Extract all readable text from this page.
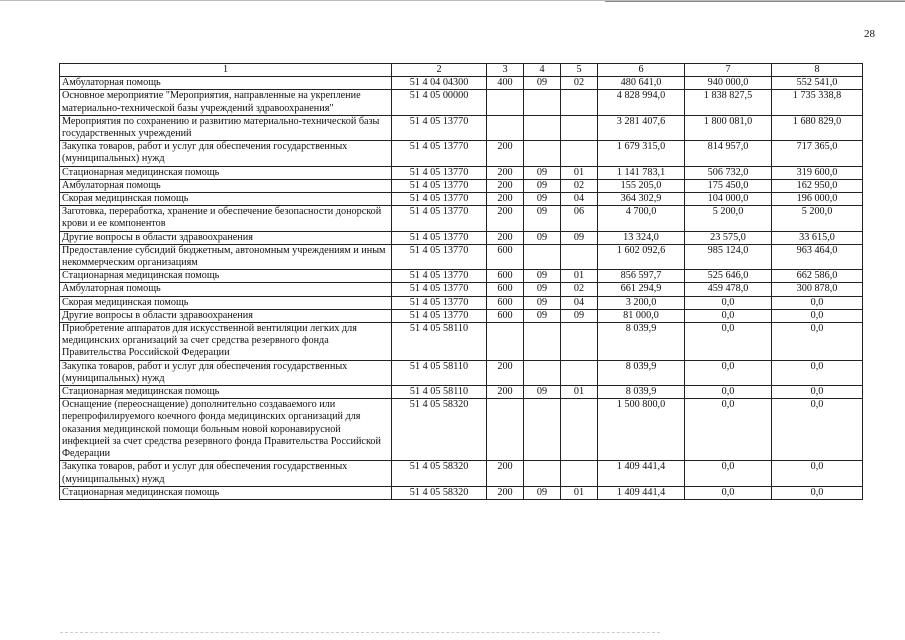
28
1	2	3	4	5	6	7	8
Амбулаторная помощь	51 4 04 04300	400	09	02	480 641,0	940 000,0	552 541,0
Основное мероприятие "Мероприятия, направленные на укрепление материально-технической базы учреждений здравоохранения"	51 4 05 00000				4 828 994,0	1 838 827,5	1 735 338,8
Мероприятия по сохранению и развитию материально-технической базы государственных учреждений	51 4 05 13770				3 281 407,6	1 800 081,0	1 680 829,0
Закупка товаров, работ и услуг для обеспечения государственных (муниципальных) нужд	51 4 05 13770	200			1 679 315,0	814 957,0	717 365,0
Стационарная медицинская помощь	51 4 05 13770	200	09	01	1 141 783,1	506 732,0	319 600,0
Амбулаторная помощь	51 4 05 13770	200	09	02	155 205,0	175 450,0	162 950,0
Скорая медицинская помощь	51 4 05 13770	200	09	04	364 302,9	104 000,0	196 000,0
Заготовка, переработка, хранение и обеспечение безопасности донорской крови и ее компонентов	51 4 05 13770	200	09	06	4 700,0	5 200,0	5 200,0
Другие вопросы в области здравоохранения	51 4 05 13770	200	09	09	13 324,0	23 575,0	33 615,0
Предоставление субсидий бюджетным, автономным учреждениям и иным некоммерческим организациям	51 4 05 13770	600			1 602 092,6	985 124,0	963 464,0
Стационарная медицинская помощь	51 4 05 13770	600	09	01	856 597,7	525 646,0	662 586,0
Амбулаторная помощь	51 4 05 13770	600	09	02	661 294,9	459 478,0	300 878,0
Скорая медицинская помощь	51 4 05 13770	600	09	04	3 200,0	0,0	0,0
Другие вопросы в области здравоохранения	51 4 05 13770	600	09	09	81 000,0	0,0	0,0
Приобретение аппаратов для искусственной вентиляции легких для медицинских организаций за счет средства резервного фонда Правительства Российской Федерации	51 4 05 58110				8 039,9	0,0	0,0
Закупка товаров, работ и услуг для обеспечения государственных (муниципальных) нужд	51 4 05 58110	200			8 039,9	0,0	0,0
Стационарная медицинская помощь	51 4 05 58110	200	09	01	8 039,9	0,0	0,0
Оснащение (переоснащение) дополнительно создаваемого или перепрофилируемого коечного фонда медицинских организаций для оказания медицинской помощи больным новой коронавирусной инфекцией за счет средства резервного фонда Правительства Российской Федерации	51 4 05 58320				1 500 800,0	0,0	0,0
Закупка товаров, работ и услуг для обеспечения государственных (муниципальных) нужд	51 4 05 58320	200			1 409 441,4	0,0	0,0
Стационарная медицинская помощь	51 4 05 58320	200	09	01	1 409 441,4	0,0	0,0
